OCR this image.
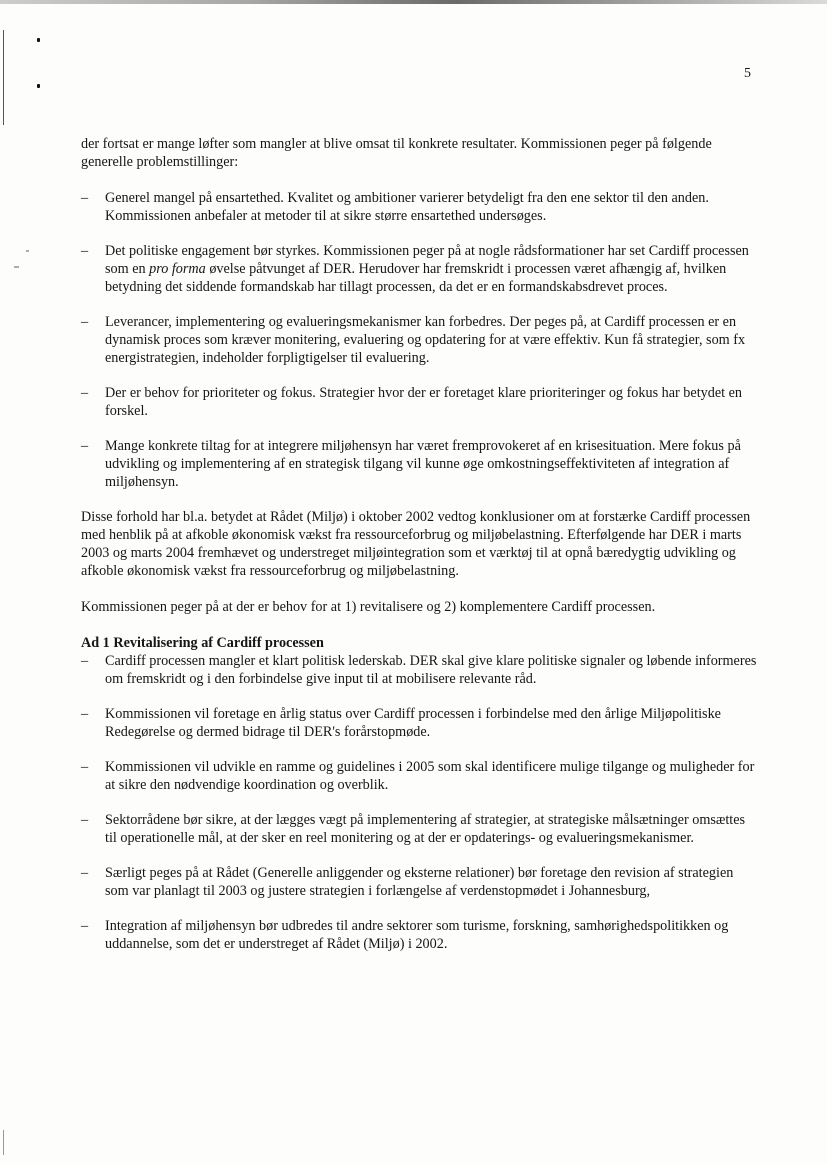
5

der fortsat er mange løfter som mangler at blive omsat til konkrete resultater. Kommissionen peger på følgende generelle problemstillinger:

– Generel mangel på ensartethed. Kvalitet og ambitioner varierer betydeligt fra den ene sektor til den anden. Kommissionen anbefaler at metoder til at sikre større ensartethed undersøges.
– Det politiske engagement bør styrkes. Kommissionen peger på at nogle rådsformationer har set Cardiff processen som en pro forma øvelse påtvunget af DER. Herudover har fremskridt i processen været afhængig af, hvilken betydning det siddende formandskab har tillagt processen, da det er en formandskabsdrevet proces.
– Leverancer, implementering og evalueringsmekanismer kan forbedres. Der peges på, at Cardiff processen er en dynamisk proces som kræver monitering, evaluering og opdatering for at være effektiv. Kun få strategier, som fx energistrategien, indeholder forpligtigelser til evaluering.
– Der er behov for prioriteter og fokus. Strategier hvor der er foretaget klare prioriteringer og fokus har betydet en forskel.
– Mange konkrete tiltag for at integrere miljøhensyn har været fremprovokeret af en krisesituation. Mere fokus på udvikling og implementering af en strategisk tilgang vil kunne øge omkostningseffektiviteten af integration af miljøhensyn.

Disse forhold har bl.a. betydet at Rådet (Miljø) i oktober 2002 vedtog konklusioner om at forstærke Cardiff processen med henblik på at afkoble økonomisk vækst fra ressourceforbrug og miljøbelastning. Efterfølgende har DER i marts 2003 og marts 2004 fremhævet og understreget miljøintegration som et værktøj til at opnå bæredygtig udvikling og afkoble økonomisk vækst fra ressourceforbrug og miljøbelastning.

Kommissionen peger på at der er behov for at 1) revitalisere og 2) komplementere Cardiff processen.

Ad 1 Revitalisering af Cardiff processen

– Cardiff processen mangler et klart politisk lederskab. DER skal give klare politiske signaler og løbende informeres om fremskridt og i den forbindelse give input til at mobilisere relevante råd.
– Kommissionen vil foretage en årlig status over Cardiff processen i forbindelse med den årlige Miljøpolitiske Redegørelse og dermed bidrage til DER's forårstopmøde.
– Kommissionen vil udvikle en ramme og guidelines i 2005 som skal identificere mulige tilgange og muligheder for at sikre den nødvendige koordination og overblik.
– Sektorrådene bør sikre, at der lægges vægt på implementering af strategier, at strategiske målsætninger omsættes til operationelle mål, at der sker en reel monitering og at der er opdaterings- og evalueringsmekanismer.
– Særligt peges på at Rådet (Generelle anliggender og eksterne relationer) bør foretage den revision af strategien som var planlagt til 2003 og justere strategien i forlængelse af verdenstopmødet i Johannesburg,
– Integration af miljøhensyn bør udbredes til andre sektorer som turisme, forskning, samhørighedspolitikken og uddannelse, som det er understreget af Rådet (Miljø) i 2002.
